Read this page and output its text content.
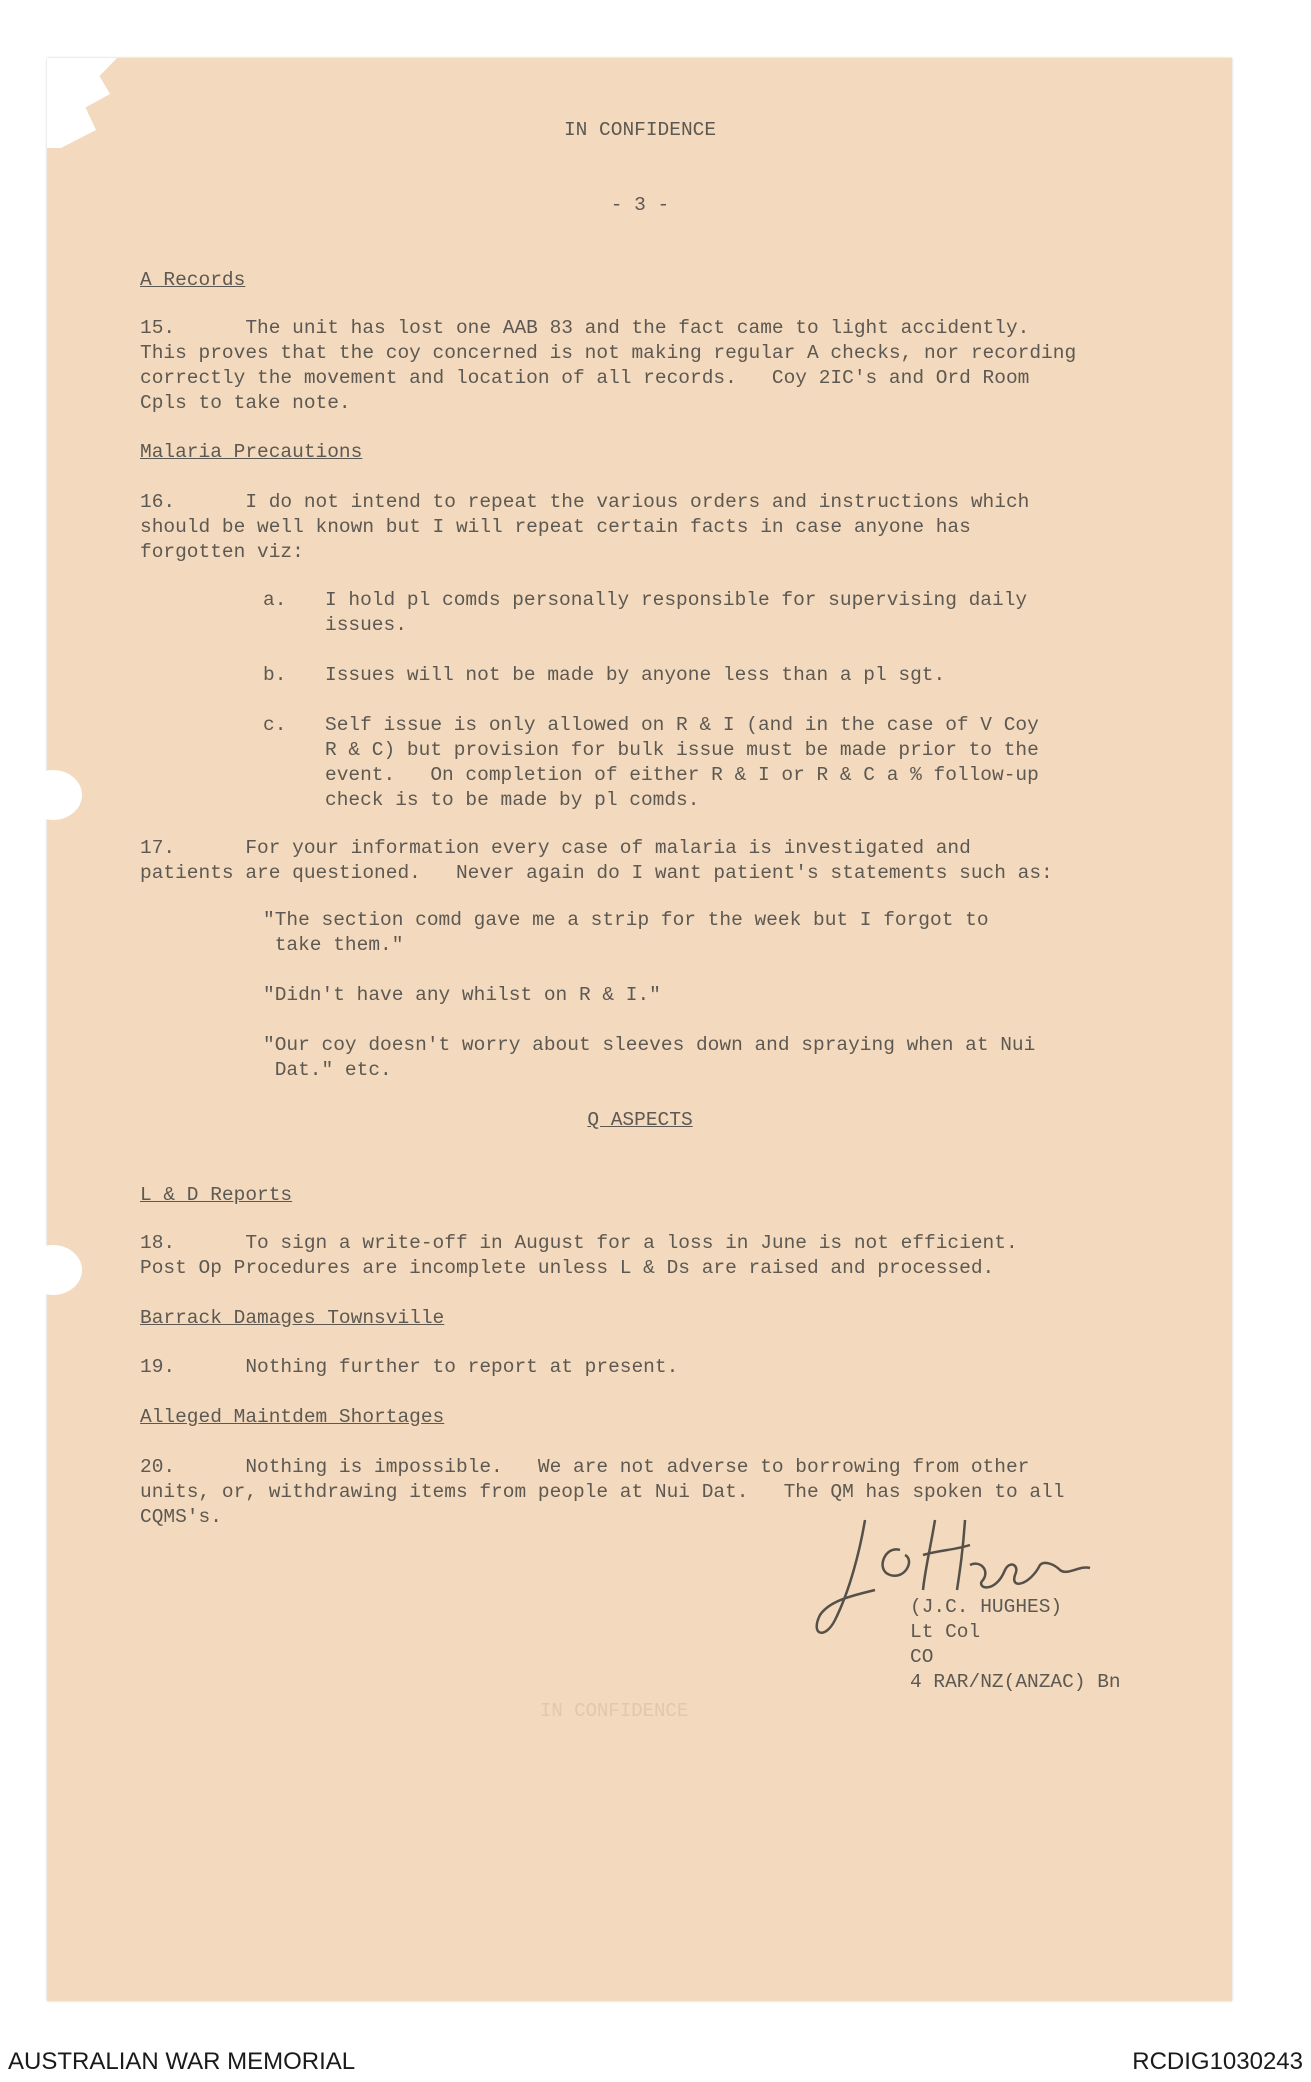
IN CONFIDENCE
- 3 -
A Records
15.      The unit has lost one AAB 83 and the fact came to light accidently.
This proves that the coy concerned is not making regular A checks, nor recording
correctly the movement and location of all records.   Coy 2IC's and Ord Room
Cpls to take note.
Malaria Precautions
16.      I do not intend to repeat the various orders and instructions which
should be well known but I will repeat certain facts in case anyone has
forgotten viz:
a.	I hold pl comds personally responsible for supervising daily
issues.
b.	Issues will not be made by anyone less than a pl sgt.
c.	Self issue is only allowed on R & I (and in the case of V Coy
R & C) but provision for bulk issue must be made prior to the
event.   On completion of either R & I or R & C a % follow-up
check is to be made by pl comds.
17.      For your information every case of malaria is investigated and
patients are questioned.   Never again do I want patient's statements such as:
"The section comd gave me a strip for the week but I forgot to
take them."
"Didn't have any whilst on R & I."
"Our coy doesn't worry about sleeves down and spraying when at Nui
Dat." etc.
Q ASPECTS
L & D Reports
18.      To sign a write-off in August for a loss in June is not efficient.
Post Op Procedures are incomplete unless L & Ds are raised and processed.
Barrack Damages Townsville
19.      Nothing further to report at present.
Alleged Maintdem Shortages
20.      Nothing is impossible.   We are not adverse to borrowing from other
units, or, withdrawing items from people at Nui Dat.   The QM has spoken to all
CQMS's.
(J.C. HUGHES)
Lt Col
CO
4 RAR/NZ(ANZAC) Bn
IN CONFIDENCE
AUSTRALIAN WAR MEMORIAL	RCDIG1030243
